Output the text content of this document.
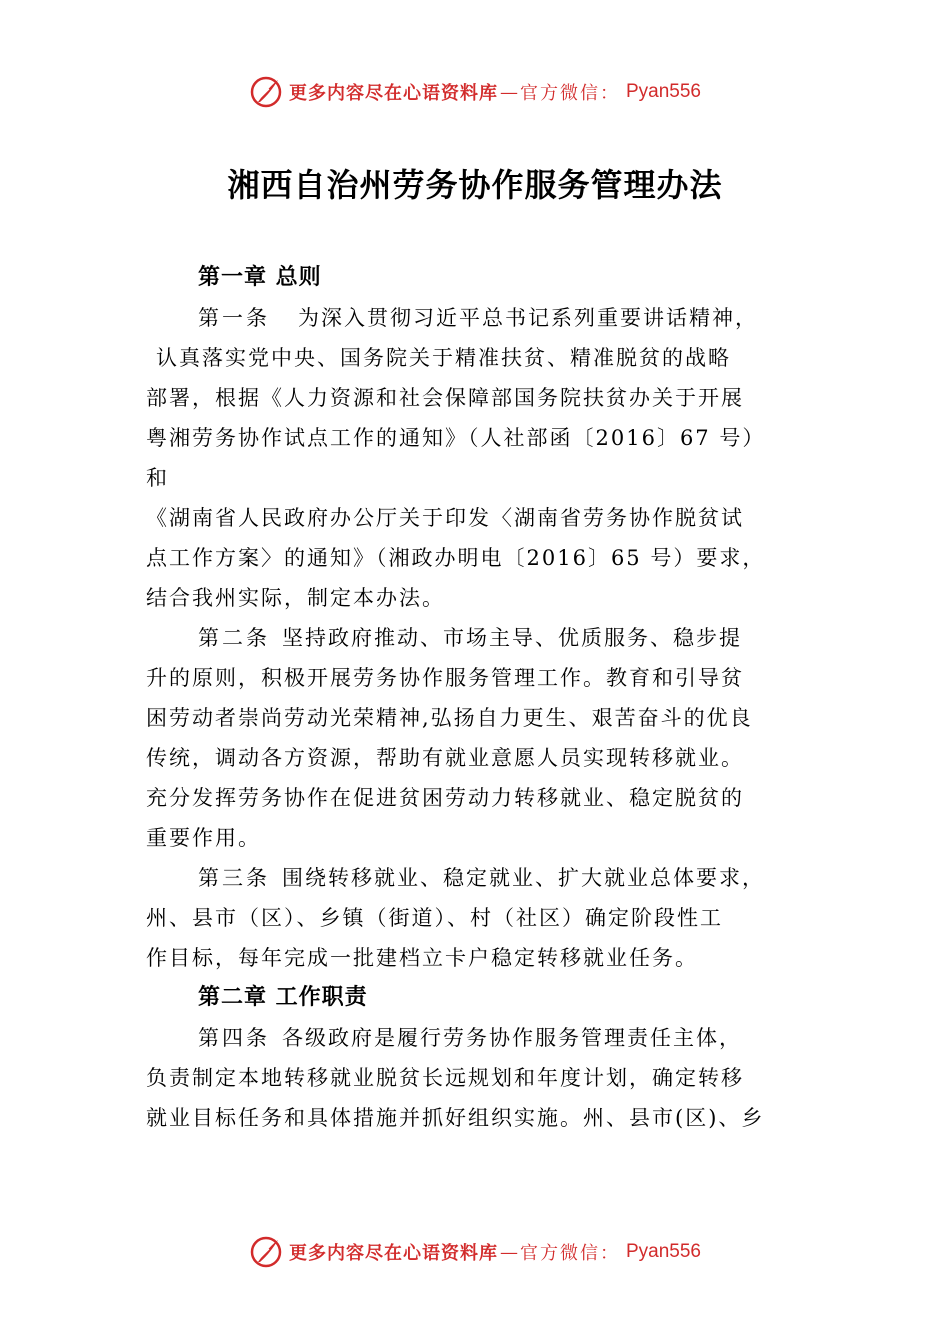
更多内容尽在心语资料库 — 官方微信： Pyan556
湘西自治州劳务协作服务管理办法
第一章 总则
第一条 为深入贯彻习近平总书记系列重要讲话精神，
认真落实党中央、国务院关于精准扶贫、精准脱贫的战略
部署，根据《人力资源和社会保障部国务院扶贫办关于开展
粤湘劳务协作试点工作的通知》（人社部函〔2016〕67 号）
和
《湖南省人民政府办公厅关于印发〈湖南省劳务协作脱贫试
点工作方案〉的通知》（湘政办明电〔2016〕65 号）要求，
结合我州实际，制定本办法。
第二条 坚持政府推动、市场主导、优质服务、稳步提
升的原则，积极开展劳务协作服务管理工作。教育和引导贫
困劳动者崇尚劳动光荣精神,弘扬自力更生、艰苦奋斗的优良
传统，调动各方资源，帮助有就业意愿人员实现转移就业。
充分发挥劳务协作在促进贫困劳动力转移就业、稳定脱贫的
重要作用。
第三条 围绕转移就业、稳定就业、扩大就业总体要求，
州、县市（区）、乡镇（街道）、村（社区）确定阶段性工
作目标，每年完成一批建档立卡户稳定转移就业任务。
第二章 工作职责
第四条 各级政府是履行劳务协作服务管理责任主体，
负责制定本地转移就业脱贫长远规划和年度计划，确定转移
就业目标任务和具体措施并抓好组织实施。州、县市(区)、乡
更多内容尽在心语资料库 — 官方微信： Pyan556
